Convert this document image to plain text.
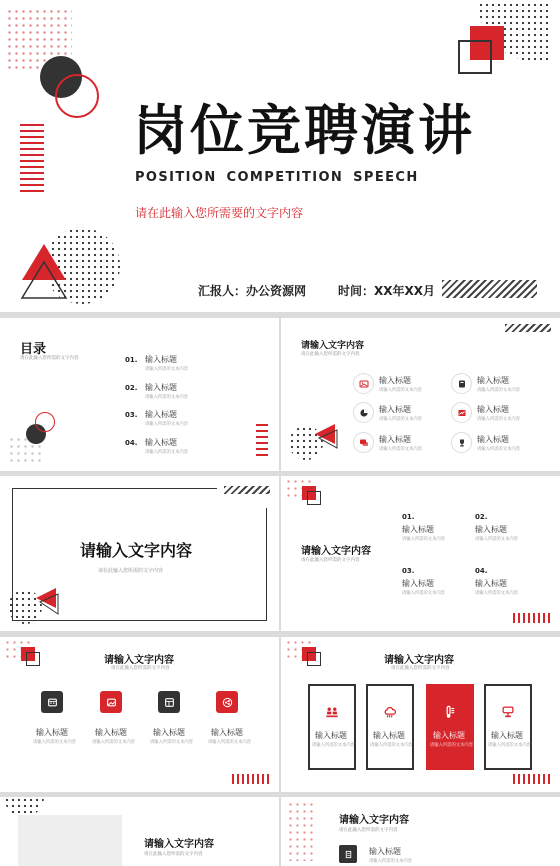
岗位竞聘演讲
POSITION COMPETITION SPEECH
请在此输入您所需要的文字内容
汇报人：办公资源网	时间：XX年XX月
目录
请在此输入您所需的文字内容	01. 输入标题
请输入所需的文本内容
02. 输入标题
请输入所需的文本内容
03. 输入标题
请输入所需的文本内容
04. 输入标题
请输入所需的文本内容
请输入文字内容
请在此输入您所需的文字内容
输入标题
请输入所需的文本内容
输入标题
请输入所需的文本内容
输入标题
请输入所需的文本内容
输入标题
请输入所需的文本内容
输入标题
请输入所需的文本内容
输入标题
请输入所需的文本内容
请输入文字内容
请在此输入您所需的文字内容
请输入文字内容
请在此输入您所需的文字内容
01.
输入标题
请输入所需的文本内容
02.
输入标题
请输入所需的文本内容
03.
输入标题
请输入所需的文本内容
04.
输入标题
请输入所需的文本内容
请输入文字内容
请在此输入您所需的文字内容
输入标题
请输入所需的文本内容
输入标题
请输入所需的文本内容
输入标题
请输入所需的文本内容
输入标题
请输入所需的文本内容
请输入文字内容
请在此输入您所需的文字内容
输入标题
请输入所需的文本内容
输入标题
请输入所需的文本内容
输入标题
请输入所需的文本内容
输入标题
请输入所需的文本内容
请输入文字内容
请在此输入您所需的文字内容
请输入文字内容
请在此输入您所需的文字内容
输入标题
请输入所需的文本内容
